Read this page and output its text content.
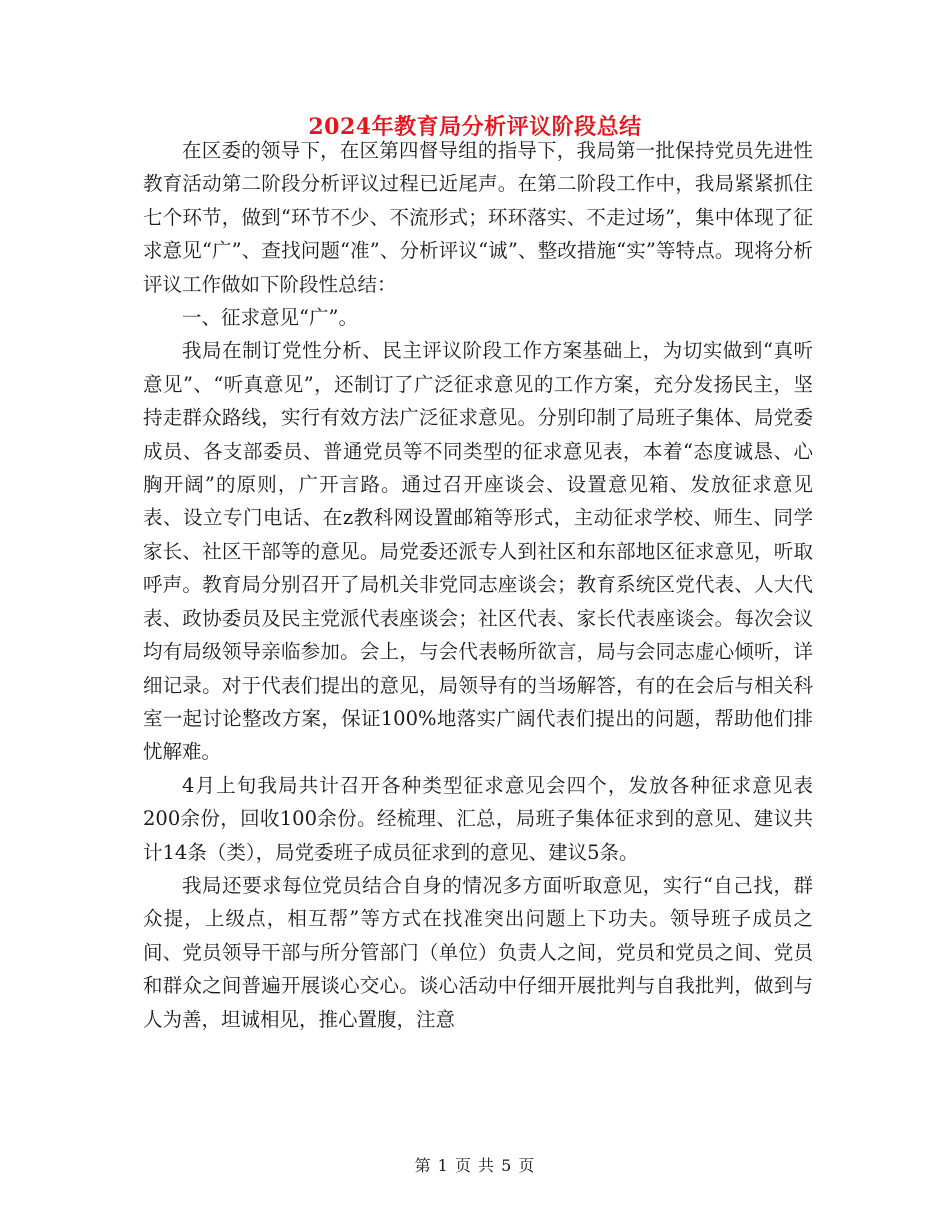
2024年教育局分析评议阶段总结

在区委的领导下，在区第四督导组的指导下，我局第一批保持党员先进性教育活动第二阶段分析评议过程已近尾声。在第二阶段工作中，我局紧紧抓住七个环节，做到“环节不少、不流形式；环环落实、不走过场”，集中体现了征求意见“广”、查找问题“准”、分析评议“诚”、整改措施“实”等特点。现将分析评议工作做如下阶段性总结：

一、征求意见“广”。

我局在制订党性分析、民主评议阶段工作方案基础上，为切实做到“真听意见”、“听真意见”，还制订了广泛征求意见的工作方案，充分发扬民主，坚持走群众路线，实行有效方法广泛征求意见。分别印制了局班子集体、局党委成员、各支部委员、普通党员等不同类型的征求意见表，本着“态度诚恳、心胸开阔”的原则，广开言路。通过召开座谈会、设置意见箱、发放征求意见表、设立专门电话、在z教科网设置邮箱等形式，主动征求学校、师生、同学家长、社区干部等的意见。局党委还派专人到社区和东部地区征求意见，听取呼声。教育局分别召开了局机关非党同志座谈会；教育系统区党代表、人大代表、政协委员及民主党派代表座谈会；社区代表、家长代表座谈会。每次会议均有局级领导亲临参加。会上，与会代表畅所欲言，局与会同志虚心倾听，详细记录。对于代表们提出的意见，局领导有的当场解答，有的在会后与相关科室一起讨论整改方案，保证100%地落实广阔代表们提出的问题，帮助他们排忧解难。

4月上旬我局共计召开各种类型征求意见会四个，发放各种征求意见表200余份，回收100余份。经梳理、汇总，局班子集体征求到的意见、建议共计14条（类），局党委班子成员征求到的意见、建议5条。

我局还要求每位党员结合自身的情况多方面听取意见，实行“自己找，群众提，上级点，相互帮”等方式在找准突出问题上下功夫。领导班子成员之间、党员领导干部与所分管部门（单位）负责人之间，党员和党员之间、党员和群众之间普遍开展谈心交心。谈心活动中仔细开展批判与自我批判，做到与人为善，坦诚相见，推心置腹，注意

第 1 页 共 5 页
